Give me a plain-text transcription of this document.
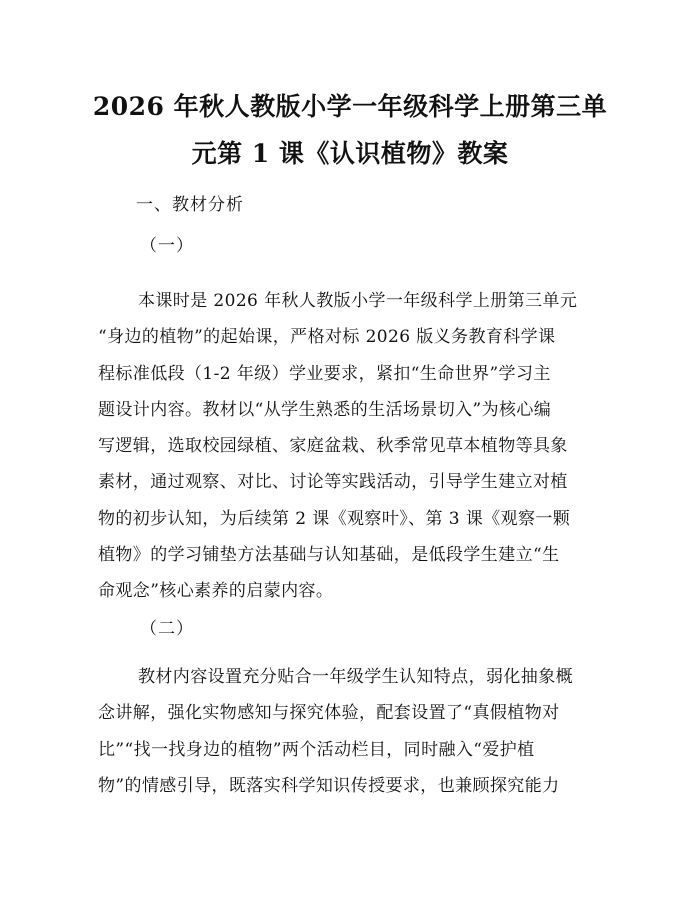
2026 年秋人教版小学一年级科学上册第三单
元第 1 课《认识植物》教案
一、教材分析
（一）
本课时是 2026 年秋人教版小学一年级科学上册第三单元
“身边的植物”的起始课，严格对标 2026 版义务教育科学课
程标准低段（1-2 年级）学业要求，紧扣“生命世界”学习主
题设计内容。教材以“从学生熟悉的生活场景切入”为核心编
写逻辑，选取校园绿植、家庭盆栽、秋季常见草本植物等具象
素材，通过观察、对比、讨论等实践活动，引导学生建立对植
物的初步认知，为后续第 2 课《观察叶》、第 3 课《观察一颗
植物》的学习铺垫方法基础与认知基础，是低段学生建立“生
命观念”核心素养的启蒙内容。
（二）
教材内容设置充分贴合一年级学生认知特点，弱化抽象概
念讲解，强化实物感知与探究体验，配套设置了“真假植物对
比”“找一找身边的植物”两个活动栏目，同时融入“爱护植
物”的情感引导，既落实科学知识传授要求，也兼顾探究能力
